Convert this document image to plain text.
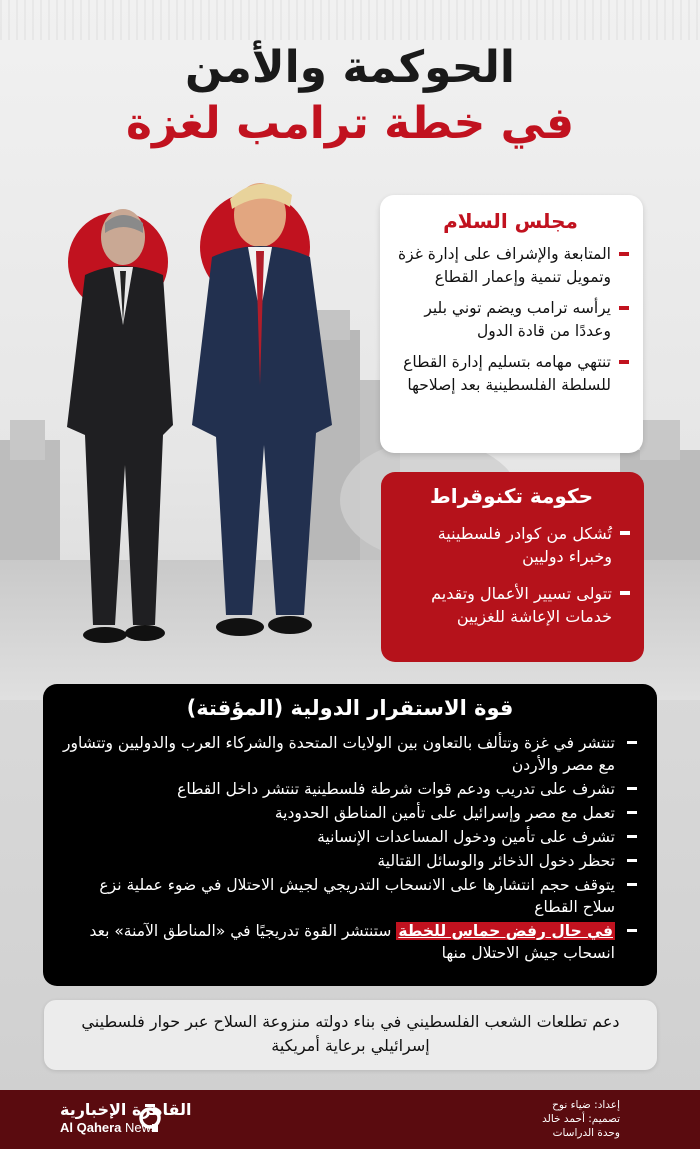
الحوكمة والأمن
في خطة ترامب لغزة
مجلس السلام
المتابعة والإشراف على إدارة غزة وتمويل تنمية وإعمار القطاع
يرأسه ترامب ويضم توني بلير وعددًا من قادة الدول
تنتهي مهامه بتسليم إدارة القطاع للسلطة الفلسطينية بعد إصلاحها
حكومة تكنوقراط
تُشكل من كوادر فلسطينية وخبراء دوليين
تتولى تسيير الأعمال وتقديم خدمات الإعاشة للغزيين
قوة الاستقرار الدولية (المؤقتة)
تنتشر في غزة وتتألف بالتعاون بين الولايات المتحدة والشركاء العرب والدوليين وتتشاور مع مصر والأردن
تشرف على تدريب ودعم قوات شرطة فلسطينية تنتشر داخل القطاع
تعمل مع مصر وإسرائيل على تأمين المناطق الحدودية
تشرف على تأمين ودخول المساعدات الإنسانية
تحظر دخول الذخائر والوسائل القتالية
يتوقف حجم انتشارها على الانسحاب التدريجي لجيش الاحتلال في ضوء عملية نزع سلاح القطاع
في حال رفض حماس للخطة ستنتشر القوة تدريجيًا في «المناطق الآمنة» بعد انسحاب جيش الاحتلال منها
دعم تطلعات الشعب الفلسطيني في بناء دولته منزوعة السلاح عبر حوار فلسطيني إسرائيلي برعاية أمريكية
القاهرة الإخبارية
Al Qahera News
إعداد: ضياء نوح
تصميم: أحمد خالد
وحدة الدراسات
